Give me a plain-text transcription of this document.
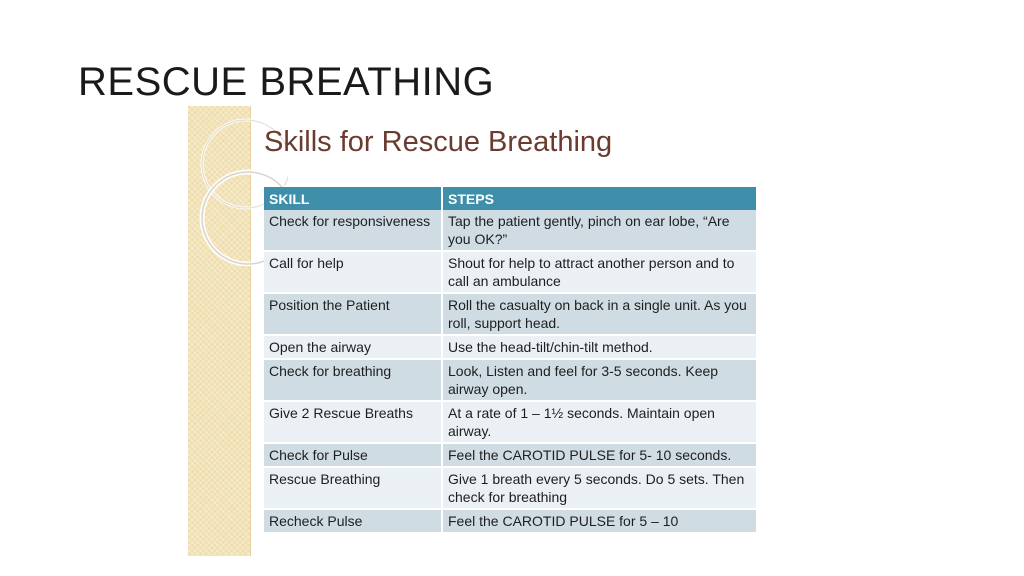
RESCUE BREATHING
Skills for Rescue Breathing
SKILL	STEPS
Check for responsiveness	Tap the patient gently, pinch on ear lobe, “Are you OK?”
Call for help	Shout for help to attract another person and to call an ambulance
Position the Patient	Roll the casualty on back in a single unit. As you roll, support head.
Open the airway	Use the head-tilt/chin-tilt method.
Check for breathing	Look, Listen and feel for 3-5 seconds. Keep airway open.
Give 2 Rescue Breaths	At a rate of 1 – 1½ seconds. Maintain open airway.
Check for Pulse	Feel the CAROTID PULSE for 5- 10 seconds.
Rescue Breathing	Give 1 breath every 5 seconds. Do 5 sets. Then check for breathing
Recheck Pulse	Feel the CAROTID PULSE for 5 – 10
